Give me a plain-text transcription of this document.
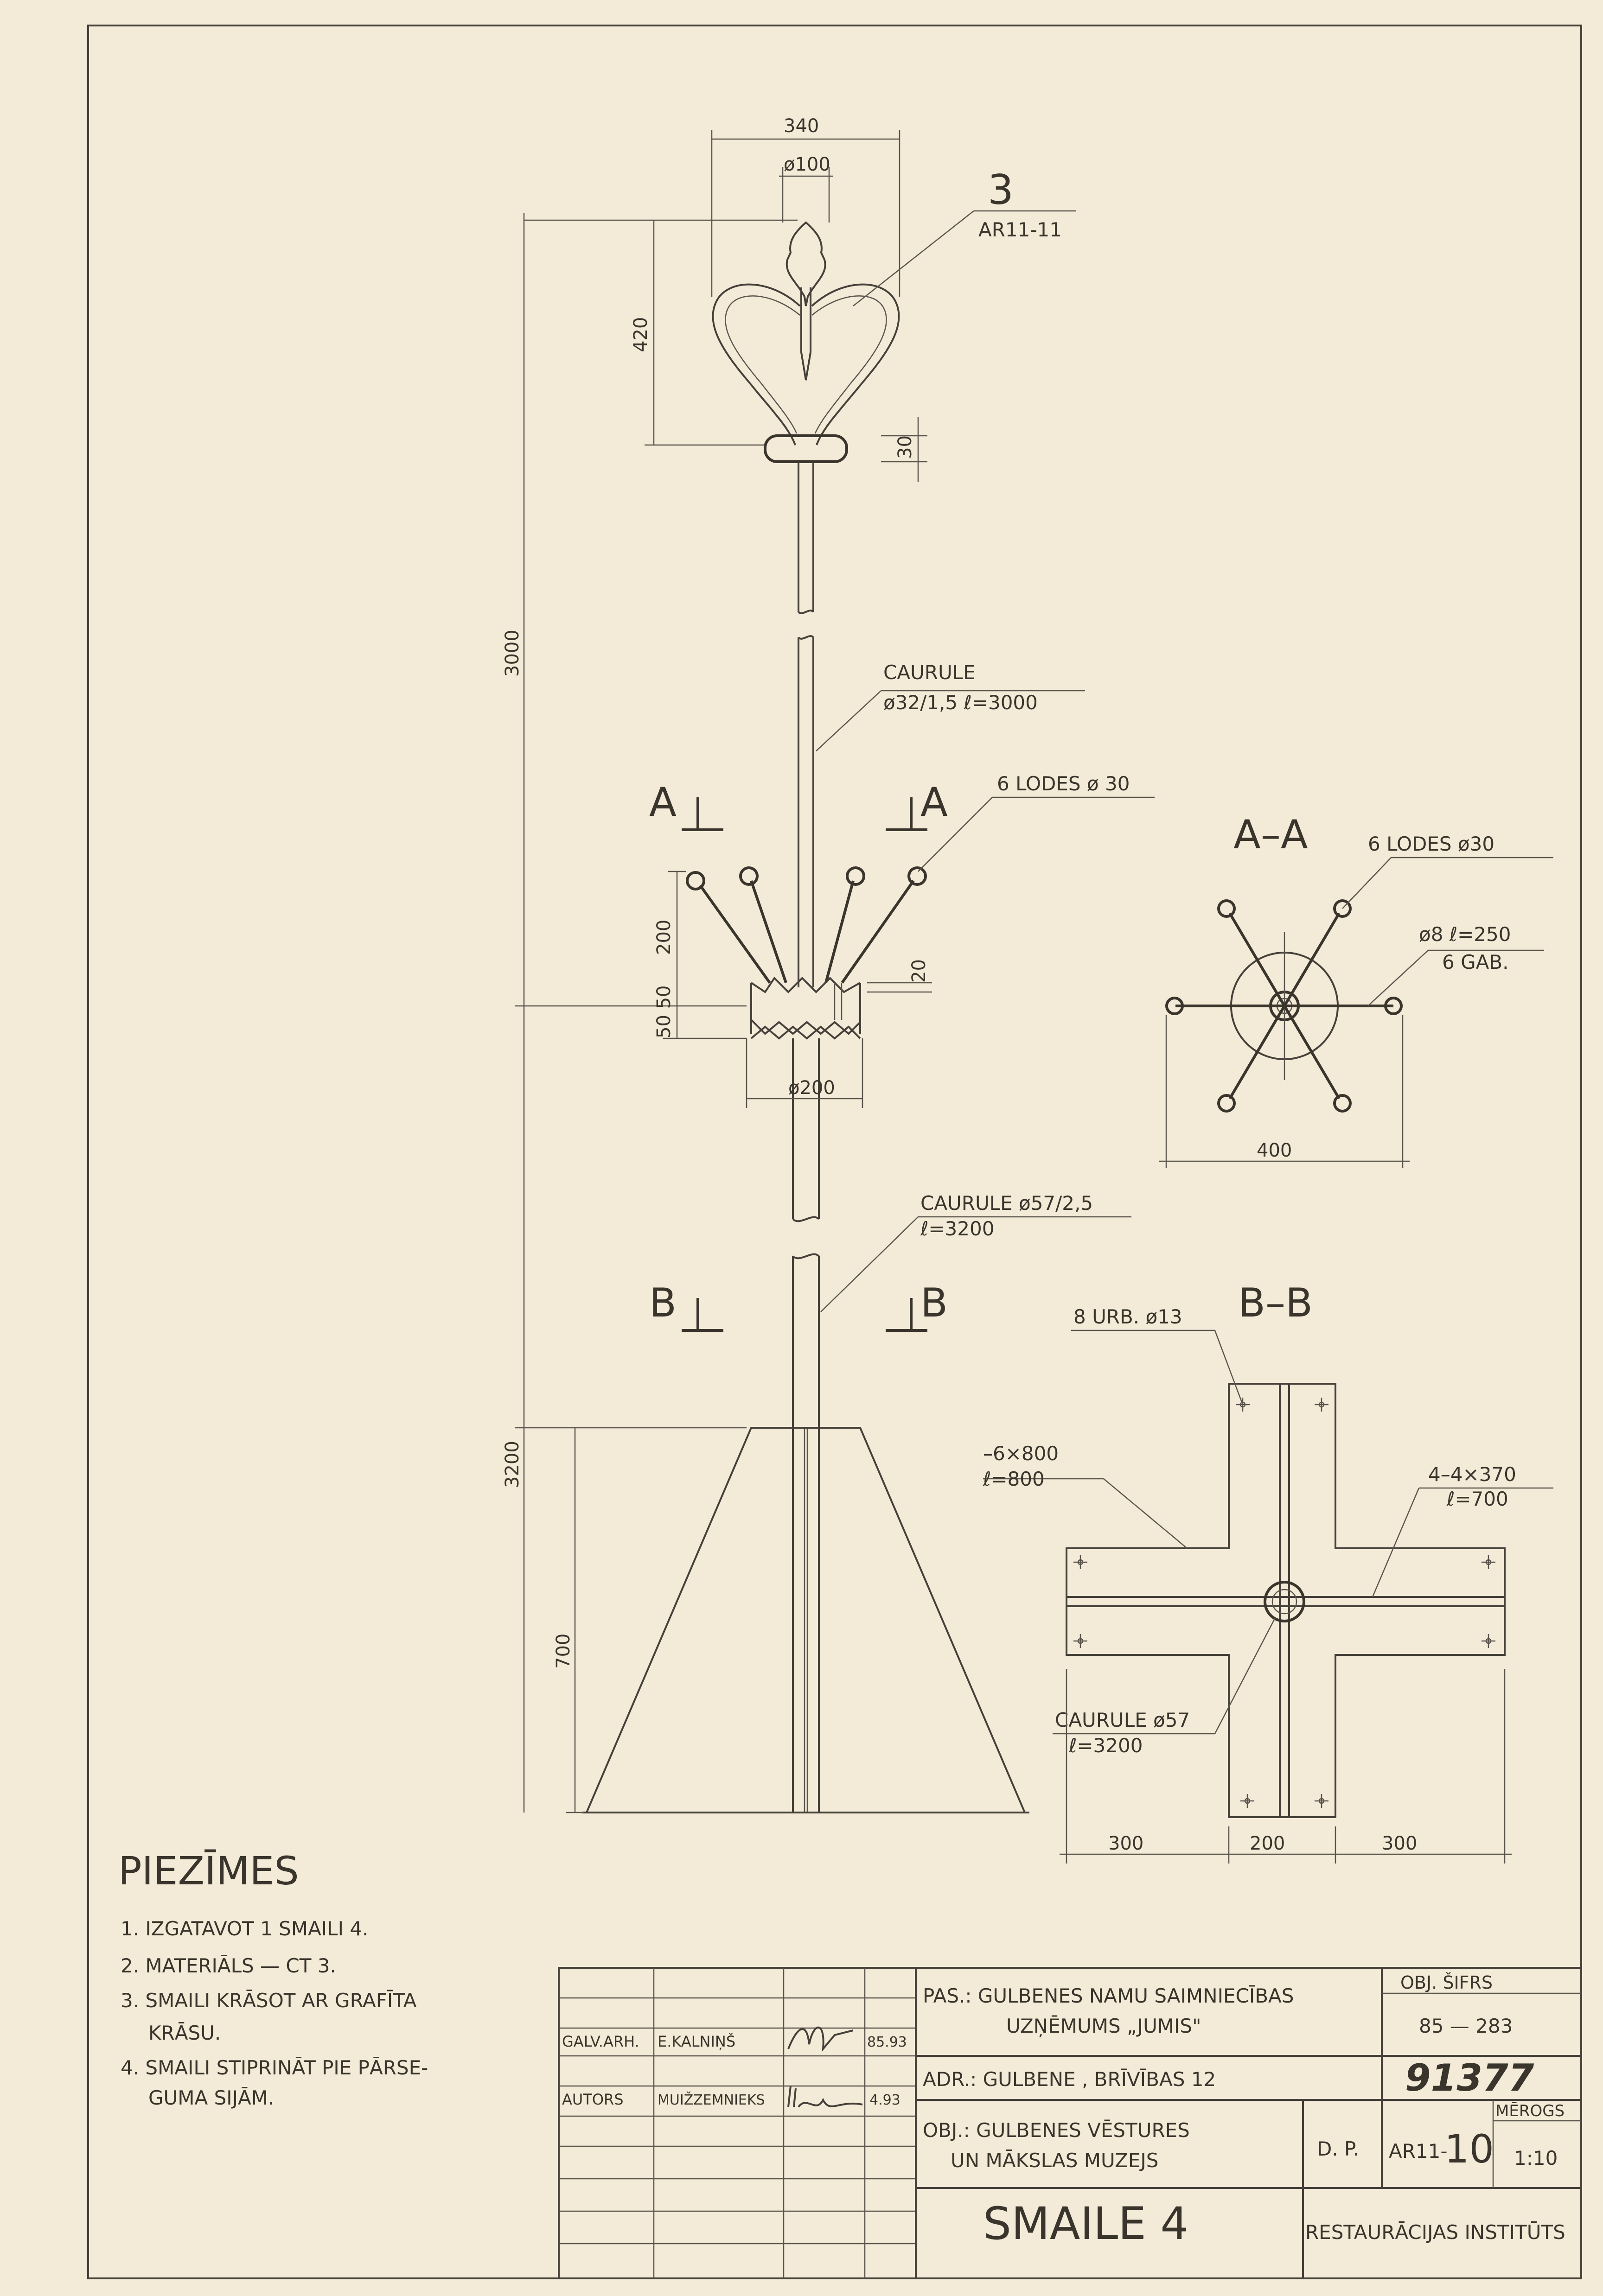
340
ø100
420
30
3000
3200
700
200
50 50
20
ø200
3
AR11-11
CAURULE
ø32/1,5 ℓ=3000
6 LODES ø 30
CAURULE ø57/2,5
ℓ=3200
A	A
B	B
A–A	6 LODES ø30
ø8 ℓ=250
6 GAB.
400
B–B
8 URB. ø13
–6×800
ℓ=800	4–4×370
ℓ=700
CAURULE ø57
ℓ=3200
300	200	300
PIEZĪMES
1. IZGATAVOT 1 SMAILI 4.
2. MATERIĀLS — CT 3.
3. SMAILI KRĀSOT AR GRAFĪTA
KRĀSU.
4. SMAILI STIPRINĀT PIE PĀRSE-
GUMA SIJĀM.
GALV.ARH. E.KALNIŅŠ	85.93
AUTORS MUIŽZEMNIEKS	4.93
PAS.: GULBENES NAMU SAIMNIECĪBAS
UZŅĒMUMS „JUMIS"
ADR.: GULBENE , BRĪVĪBAS 12
OBJ.: GULBENES VĒSTURES
UN MĀKSLAS MUZEJS
SMAILE 4
OBJ. ŠIFRS
85 — 283
91377
D. P. AR11-
10
MĒROGS
1:10
RESTAURĀCIJAS INSTITŪTS
